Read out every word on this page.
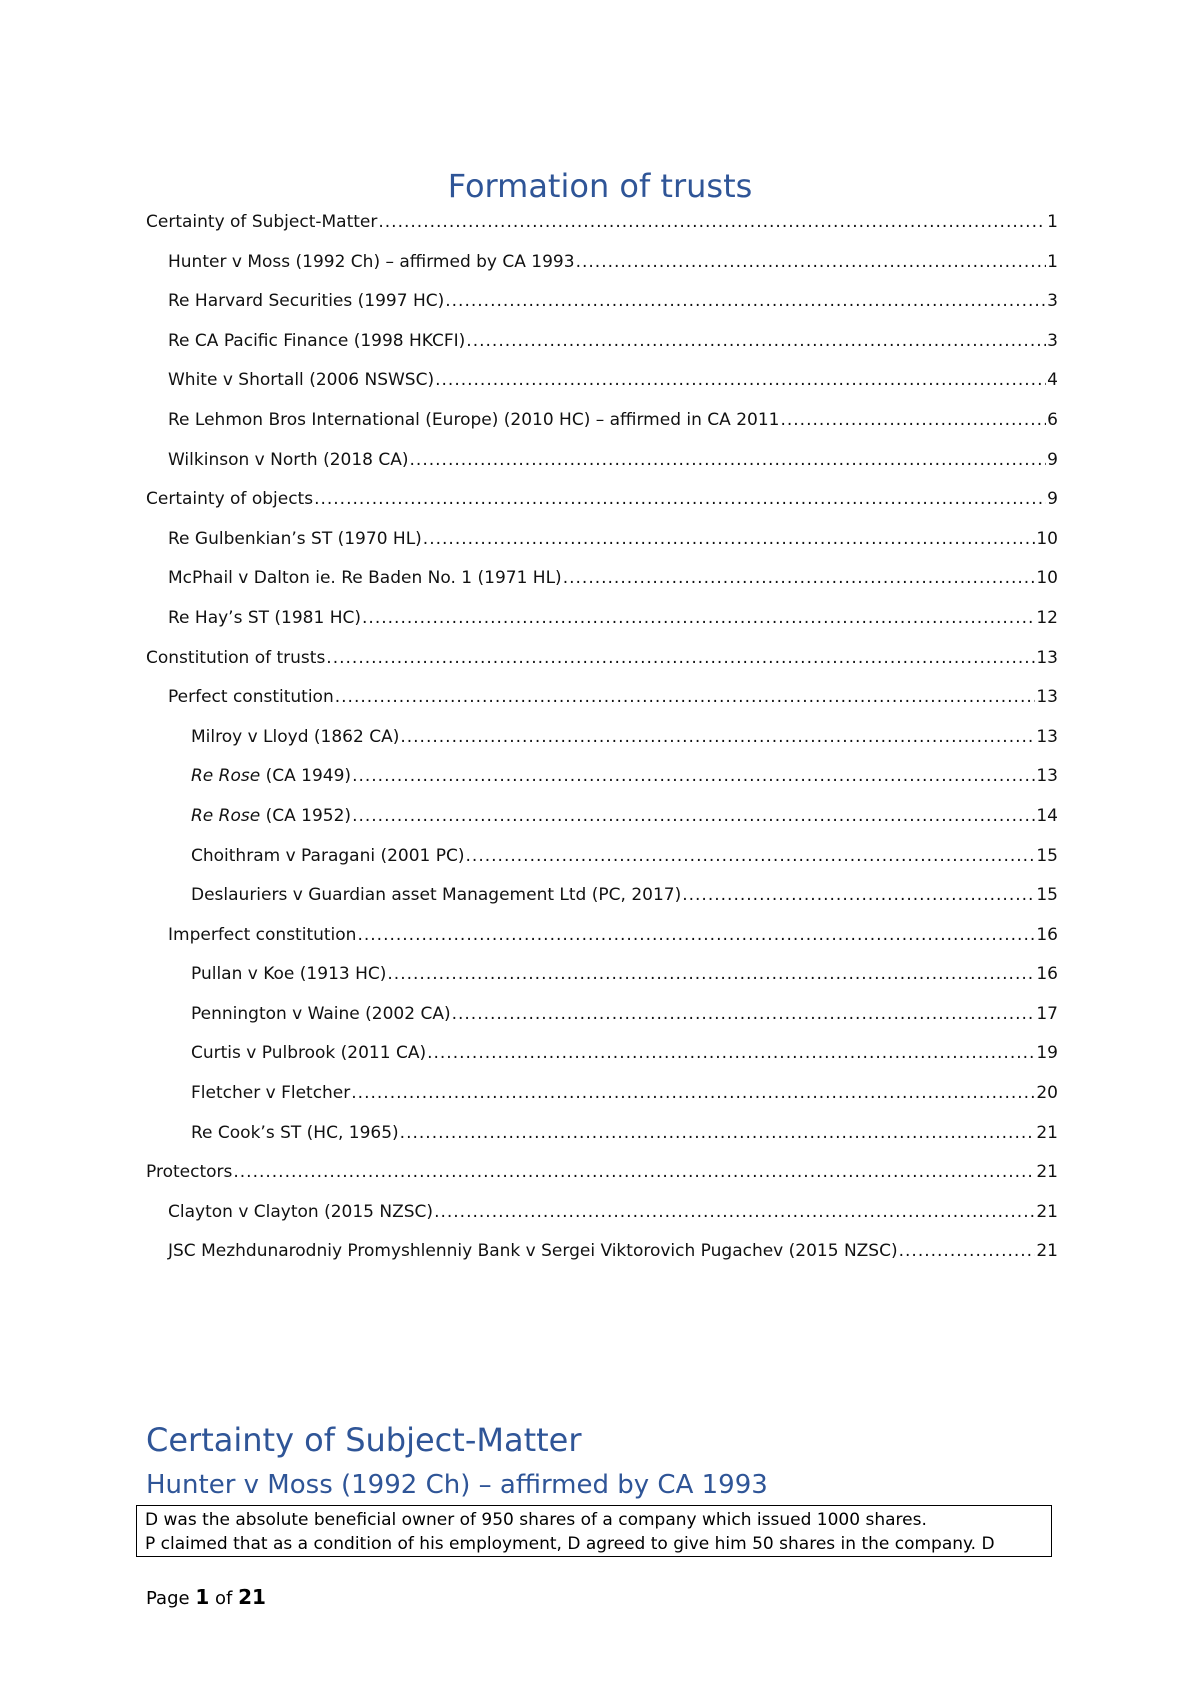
Formation of trusts
Certainty of Subject-Matter .....	1
Hunter v Moss (1992 Ch) – affirmed by CA 1993 .....	1
Re Harvard Securities (1997 HC) .....	3
Re CA Pacific Finance (1998 HKCFI) .....	3
White v Shortall (2006 NSWSC) .....	4
Re Lehmon Bros International (Europe) (2010 HC) – affirmed in CA 2011 .....	6
Wilkinson v North (2018 CA) .....	9
Certainty of objects .....	9
Re Gulbenkian’s ST (1970 HL) .....	10
McPhail v Dalton ie. Re Baden No. 1 (1971 HL) .....	10
Re Hay’s ST (1981 HC) .....	12
Constitution of trusts .....	13
Perfect constitution .....	13
Milroy v Lloyd (1862 CA) .....	13
Re Rose (CA 1949) .....	13
Re Rose (CA 1952) .....	14
Choithram v Paragani (2001 PC) .....	15
Deslauriers v Guardian asset Management Ltd (PC, 2017) .....	15
Imperfect constitution .....	16
Pullan v Koe (1913 HC) .....	16
Pennington v Waine (2002 CA) .....	17
Curtis v Pulbrook (2011 CA) .....	19
Fletcher v Fletcher .....	20
Re Cook’s ST (HC, 1965) .....	21
Protectors .....	21
Clayton v Clayton (2015 NZSC) .....	21
JSC Mezhdunarodniy Promyshlenniy Bank v Sergei Viktorovich Pugachev (2015 NZSC) .....	21
Certainty of Subject-Matter
Hunter v Moss (1992 Ch) – affirmed by CA 1993
D was the absolute beneficial owner of 950 shares of a company which issued 1000 shares.
P claimed that as a condition of his employment, D agreed to give him 50 shares in the company. D
Page 1 of 21
